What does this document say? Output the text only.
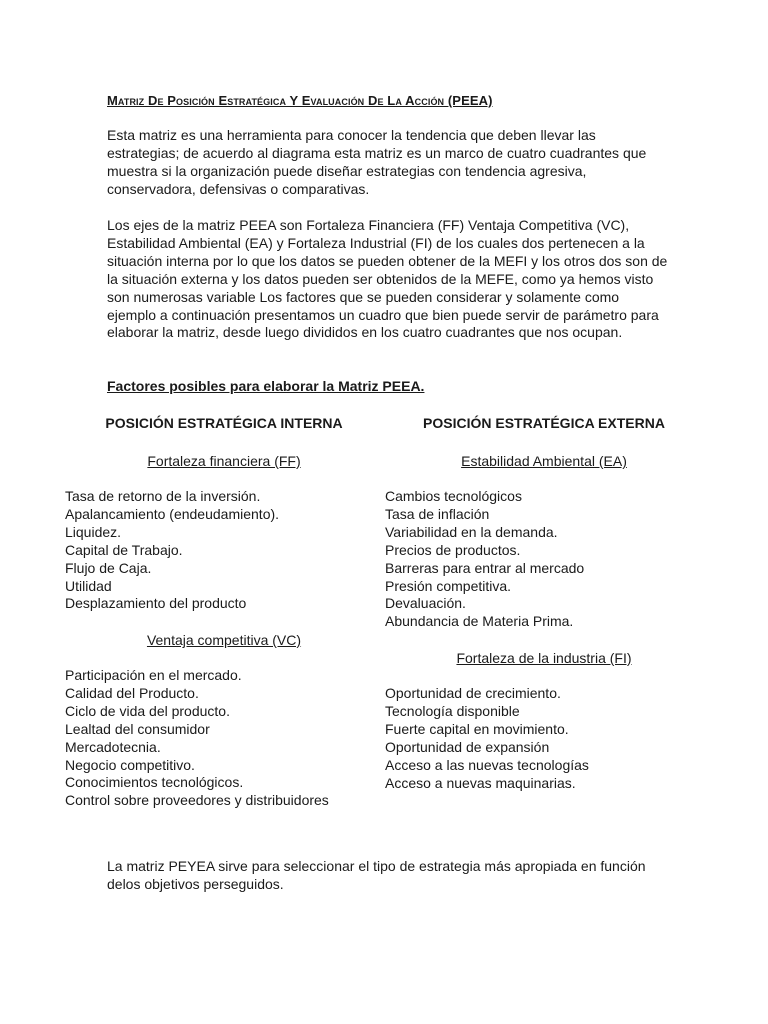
Matriz De Posición Estratégica Y Evaluación De La Acción (PEEA)

Esta matriz es una herramienta para conocer la tendencia que deben llevar las estrategias; de acuerdo al diagrama esta matriz es un marco de cuatro cuadrantes que muestra si la organización puede diseñar estrategias con tendencia agresiva, conservadora, defensivas o comparativas.

Los ejes de la matriz PEEA son Fortaleza Financiera (FF) Ventaja Competitiva (VC), Estabilidad Ambiental (EA) y Fortaleza Industrial (FI) de los cuales dos pertenecen a la situación interna por lo que los datos se pueden obtener de la MEFI y los otros dos son de la situación externa y los datos pueden ser obtenidos de la MEFE, como ya hemos visto son numerosas variable Los factores que se pueden considerar y solamente como ejemplo a continuación presentamos un cuadro que bien puede servir de parámetro para elaborar la matriz, desde luego divididos en los cuatro cuadrantes que nos ocupan.

Factores posibles para elaborar la Matriz PEEA.
POSICIÓN ESTRATÉGICA INTERNA	POSICIÓN ESTRATÉGICA EXTERNA
Fortaleza financiera (FF)
Tasa de retorno de la inversión.
Apalancamiento (endeudamiento).
Liquidez.
Capital de Trabajo.
Flujo de Caja.
Utilidad
Desplazamiento del producto
Ventaja competitiva (VC)
Participación en el mercado.
Calidad del Producto.
Ciclo de vida del producto.
Lealtad del consumidor
Mercadotecnia.
Negocio competitivo.
Conocimientos tecnológicos.
Control sobre proveedores y distribuidores
Estabilidad Ambiental (EA)
Cambios tecnológicos
Tasa de inflación
Variabilidad en la demanda.
Precios de productos.
Barreras para entrar al mercado
Presión competitiva.
Devaluación.
Abundancia de Materia Prima.
Fortaleza de la industria (FI)
Oportunidad de crecimiento.
Tecnología disponible
Fuerte capital en movimiento.
Oportunidad de expansión
Acceso a las nuevas tecnologías
Acceso a nuevas maquinarias.

La matriz PEYEA sirve para seleccionar el tipo de estrategia más apropiada en función delos objetivos perseguidos.
